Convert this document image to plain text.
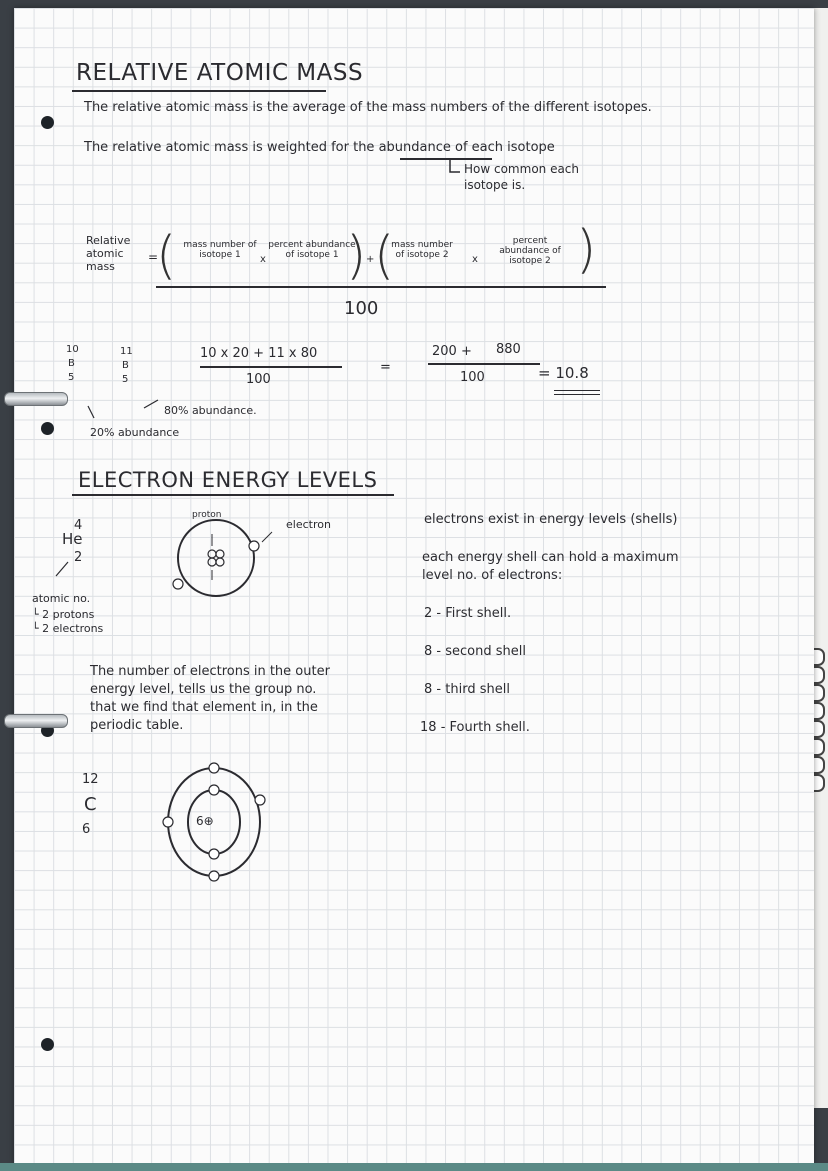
RELATIVE ATOMIC MASS
The relative atomic mass is the average of the mass numbers of the different isotopes.
The relative atomic mass is weighted for the abundance of each isotope
How common each isotope is.
Relative atomic mass
=
( mass number of isotope 1	x
percent abundance of isotope 1 ) + (
mass number of isotope 2	x
percent abundance of isotope 2 )
100
10
B
5
11
B
5
80% abundance.
20% abundance
10 x 20 + 11 x 80
100
=
200 + 880
100	= 10.8
ELECTRON ENERGY LEVELS
4
He
2
atomic no.
└ 2 protons
└ 2 electrons
proton
electron
The number of electrons in the outer
energy level, tells us the group no.
that we find that element in, in the
periodic table.
12
C
6
6⊕
electrons exist in energy levels (shells)
each energy shell can hold a maximum
level no. of electrons:
2 - First shell.
8 - second shell
8 - third shell
18 - Fourth shell.
